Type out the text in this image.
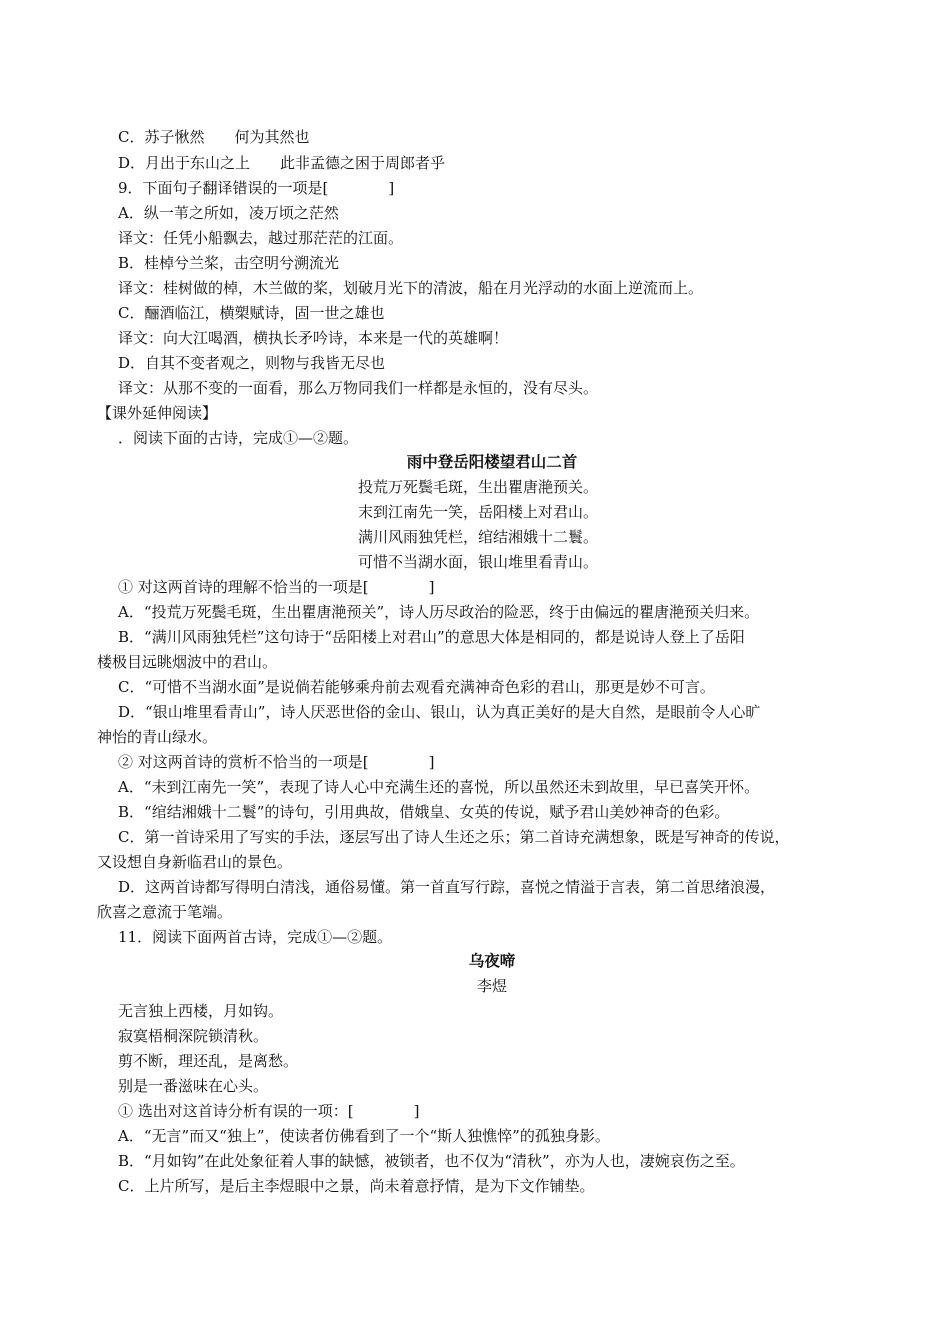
C．苏子愀然　　何为其然也
D．月出于东山之上　　此非孟德之困于周郎者乎
9．下面句子翻译错误的一项是[　　　　]
A．纵一苇之所如，凌万顷之茫然
译文：任凭小船飘去，越过那茫茫的江面。
B．桂棹兮兰桨，击空明兮溯流光
译文：桂树做的棹，木兰做的桨，划破月光下的清波，船在月光浮动的水面上逆流而上。
C．酾酒临江，横槊赋诗，固一世之雄也
译文：向大江喝酒，横执长矛吟诗，本来是一代的英雄啊！
D．自其不变者观之，则物与我皆无尽也
译文：从那不变的一面看，那么万物同我们一样都是永恒的，没有尽头。
【课外延伸阅读】
．阅读下面的古诗，完成①—②题。
雨中登岳阳楼望君山二首
投荒万死鬓毛斑，生出瞿唐滟预关。
末到江南先一笑，岳阳楼上对君山。
满川风雨独凭栏，绾结湘娥十二鬟。
可惜不当湖水面，银山堆里看青山。
① 对这两首诗的理解不恰当的一项是[　　　　]
A．“投荒万死鬓毛斑，生出瞿唐滟预关”，诗人历尽政治的险恶，终于由偏远的瞿唐滟预关归来。
B．“满川风雨独凭栏”这句诗于“岳阳楼上对君山”的意思大体是相同的，都是说诗人登上了岳阳
楼极目远眺烟波中的君山。
C．“可惜不当湖水面”是说倘若能够乘舟前去观看充满神奇色彩的君山，那更是妙不可言。
D．“银山堆里看青山”，诗人厌恶世俗的金山、银山，认为真正美好的是大自然，是眼前令人心旷
神怡的青山绿水。
② 对这两首诗的赏析不恰当的一项是[　　　　]
A．“未到江南先一笑”，表现了诗人心中充满生还的喜悦，所以虽然还未到故里，早已喜笑开怀。
B．“绾结湘娥十二鬟”的诗句，引用典故，借娥皇、女英的传说，赋予君山美妙神奇的色彩。
C．第一首诗采用了写实的手法，逐层写出了诗人生还之乐；第二首诗充满想象，既是写神奇的传说，
又设想自身新临君山的景色。
D．这两首诗都写得明白清浅，通俗易懂。第一首直写行踪，喜悦之情溢于言表，第二首思绪浪漫，
欣喜之意流于笔端。
11．阅读下面两首古诗，完成①—②题。
乌夜啼
李煜
无言独上西楼，月如钩。
寂寞梧桐深院锁清秋。
剪不断，理还乱，是离愁。
别是一番滋味在心头。
① 选出对这首诗分析有误的一项：[　　　　]
A．“无言”而又“独上”，使读者仿佛看到了一个“斯人独憔悴”的孤独身影。
B．“月如钩”在此处象征着人事的缺憾，被锁者，也不仅为“清秋”，亦为人也，凄婉哀伤之至。
C．上片所写，是后主李煜眼中之景，尚未着意抒情，是为下文作铺垫。
